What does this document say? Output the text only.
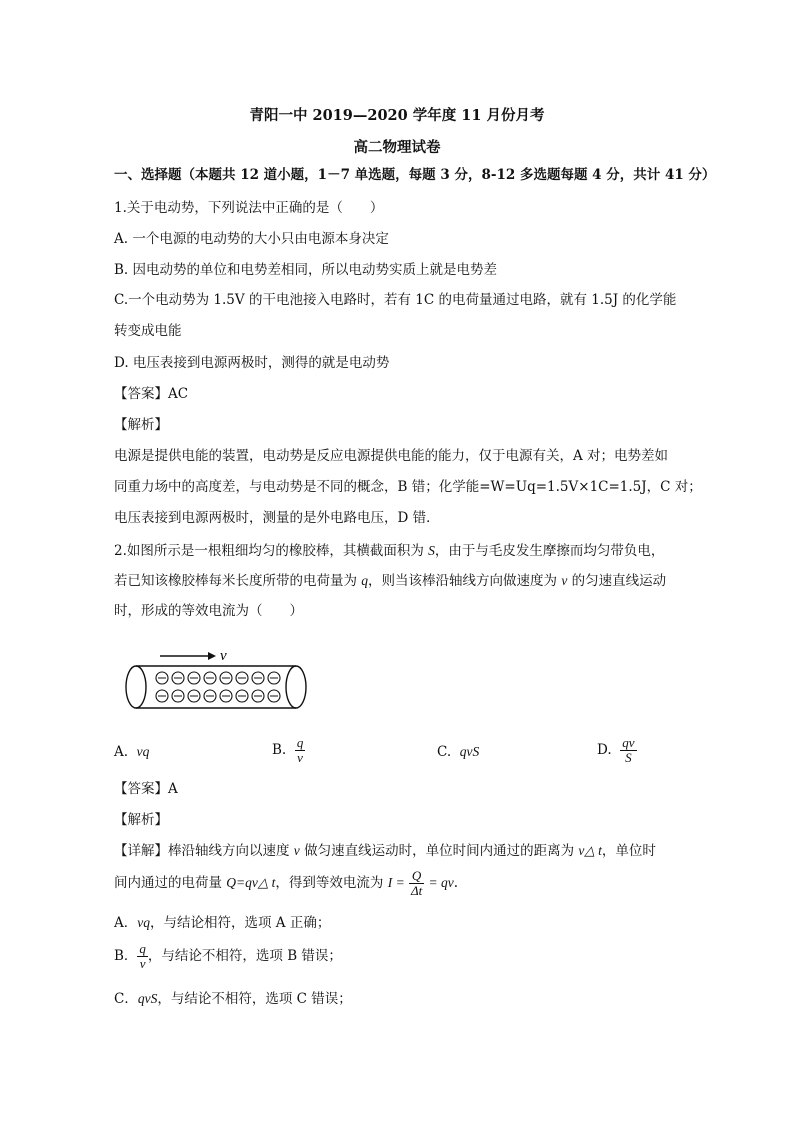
青阳一中 2019—2020 学年度 11 月份月考
高二物理试卷
一、选择题（本题共 12 道小题，1－7 单选题，每题 3 分，8-12 多选题每题 4 分，共计 41 分）
1.关于电动势，下列说法中正确的是（　　）
A. 一个电源的电动势的大小只由电源本身决定
B. 因电动势的单位和电势差相同，所以电动势实质上就是电势差
C.一个电动势为 1.5V 的干电池接入电路时，若有 1C 的电荷量通过电路，就有 1.5J 的化学能
转变成电能
D. 电压表接到电源两极时，测得的就是电动势
【答案】AC
【解析】
电源是提供电能的装置，电动势是反应电源提供电能的能力，仅于电源有关，A 对；电势差如
同重力场中的高度差，与电动势是不同的概念，B 错；化学能=W=Uq=1.5V×1C=1.5J，C 对；
电压表接到电源两极时，测量的是外电路电压，D 错．
2.如图所示是一根粗细均匀的橡胶棒，其横截面积为 S，由于与毛皮发生摩擦而均匀带负电，
若已知该橡胶棒每米长度所带的电荷量为 q，则当该棒沿轴线方向做速度为 v 的匀速直线运动
时，形成的等效电流为（　　）
v
A. vq	B. $\frac{q}{v}$	C. qvS	D. $\frac{qv}{S}$
【答案】A
【解析】
【详解】棒沿轴线方向以速度 v 做匀速直线运动时，单位时间内通过的距离为 v△ t，单位时
间内通过的电荷量 Q=qv△ t，得到等效电流为 $I = \frac{Q}{\Delta t}$ = qv.
A．vq，与结论相符，选项 A 正确；
B． $\frac{q}{v}$ ，与结论不相符，选项 B 错误；
C．qvS，与结论不相符，选项 C 错误；
